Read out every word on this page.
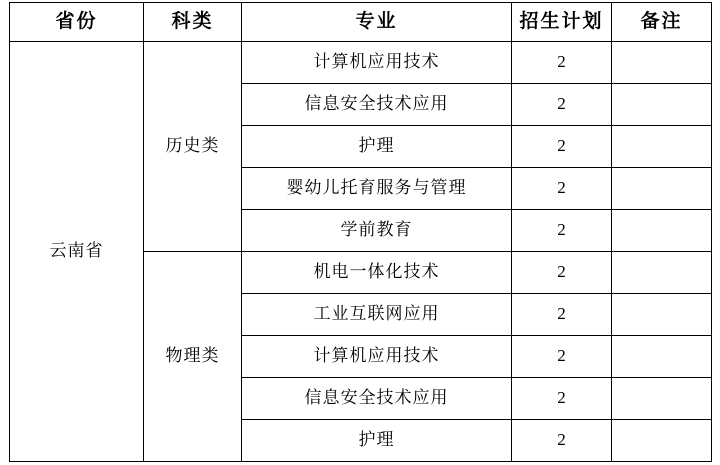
省份	科类	专业	招生计划	备注
云南省	历史类	计算机应用技术	2	
		信息安全技术应用	2	
		护理	2	
		婴幼儿托育服务与管理	2	
		学前教育	2	
	物理类	机电一体化技术	2	
		工业互联网应用	2	
		计算机应用技术	2	
		信息安全技术应用	2	
		护理	2	
